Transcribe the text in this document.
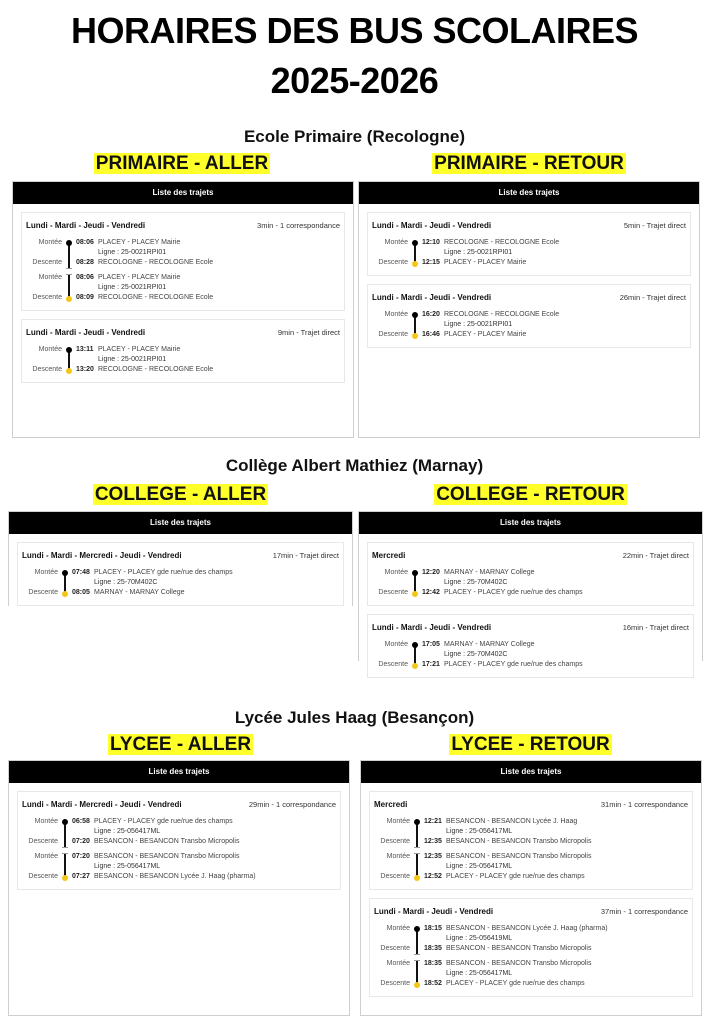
HORAIRES DES BUS SCOLAIRES
2025-2026
Ecole Primaire (Recologne)
PRIMAIRE - ALLER	PRIMAIRE - RETOUR
Liste des trajets
Lundi - Mardi - Jeudi - Vendredi	3min - 1 correspondance
Montée 08:06 PLACEY - PLACEY Mairie
Ligne : 25-0021RPI01
Descente 08:28 RECOLOGNE - RECOLOGNE Ecole
Montée 08:06 PLACEY - PLACEY Mairie
Ligne : 25-0021RPI01
Descente 08:09 RECOLOGNE - RECOLOGNE Ecole
Lundi - Mardi - Jeudi - Vendredi	9min - Trajet direct
Montée 13:11 PLACEY - PLACEY Mairie
Ligne : 25-0021RPI01
Descente 13:20 RECOLOGNE - RECOLOGNE Ecole
Liste des trajets
Lundi - Mardi - Jeudi - Vendredi	5min - Trajet direct
Montée 12:10 RECOLOGNE - RECOLOGNE Ecole
Ligne : 25-0021RPI01
Descente 12:15 PLACEY - PLACEY Mairie
Lundi - Mardi - Jeudi - Vendredi	26min - Trajet direct
Montée 16:20 RECOLOGNE - RECOLOGNE Ecole
Ligne : 25-0021RPI01
Descente 16:46 PLACEY - PLACEY Mairie
Collège Albert Mathiez (Marnay)
COLLEGE - ALLER	COLLEGE - RETOUR
Liste des trajets
Lundi - Mardi - Mercredi - Jeudi - Vendredi	17min - Trajet direct
Montée 07:48 PLACEY - PLACEY gde rue/rue des champs
Ligne : 25-70M402C
Descente 08:05 MARNAY - MARNAY College
Liste des trajets
Mercredi	22min - Trajet direct
Montée 12:20 MARNAY - MARNAY College
Ligne : 25-70M402C
Descente 12:42 PLACEY - PLACEY gde rue/rue des champs
Lundi - Mardi - Jeudi - Vendredi	16min - Trajet direct
Montée 17:05 MARNAY - MARNAY College
Ligne : 25-70M402C
Descente 17:21 PLACEY - PLACEY gde rue/rue des champs
Lycée Jules Haag (Besançon)
LYCEE - ALLER	LYCEE - RETOUR
Liste des trajets
Lundi - Mardi - Mercredi - Jeudi - Vendredi	29min - 1 correspondance
Montée 06:58 PLACEY - PLACEY gde rue/rue des champs
Ligne : 25-056417ML
Descente 07:20 BESANCON - BESANCON Transbo Micropolis
Montée 07:20 BESANCON - BESANCON Transbo Micropolis
Ligne : 25-056417ML
Descente 07:27 BESANCON - BESANCON Lycée J. Haag (pharma)
Liste des trajets
Mercredi	31min - 1 correspondance
Montée 12:21 BESANCON - BESANCON Lycée J. Haag
Ligne : 25-056417ML
Descente 12:35 BESANCON - BESANCON Transbo Micropolis
Montée 12:35 BESANCON - BESANCON Transbo Micropolis
Ligne : 25-056417ML
Descente 12:52 PLACEY - PLACEY gde rue/rue des champs
Lundi - Mardi - Jeudi - Vendredi	37min - 1 correspondance
Montée 18:15 BESANCON - BESANCON Lycée J. Haag (pharma)
Ligne : 25-056419ML
Descente 18:35 BESANCON - BESANCON Transbo Micropolis
Montée 18:35 BESANCON - BESANCON Transbo Micropolis
Ligne : 25-056417ML
Descente 18:52 PLACEY - PLACEY gde rue/rue des champs
